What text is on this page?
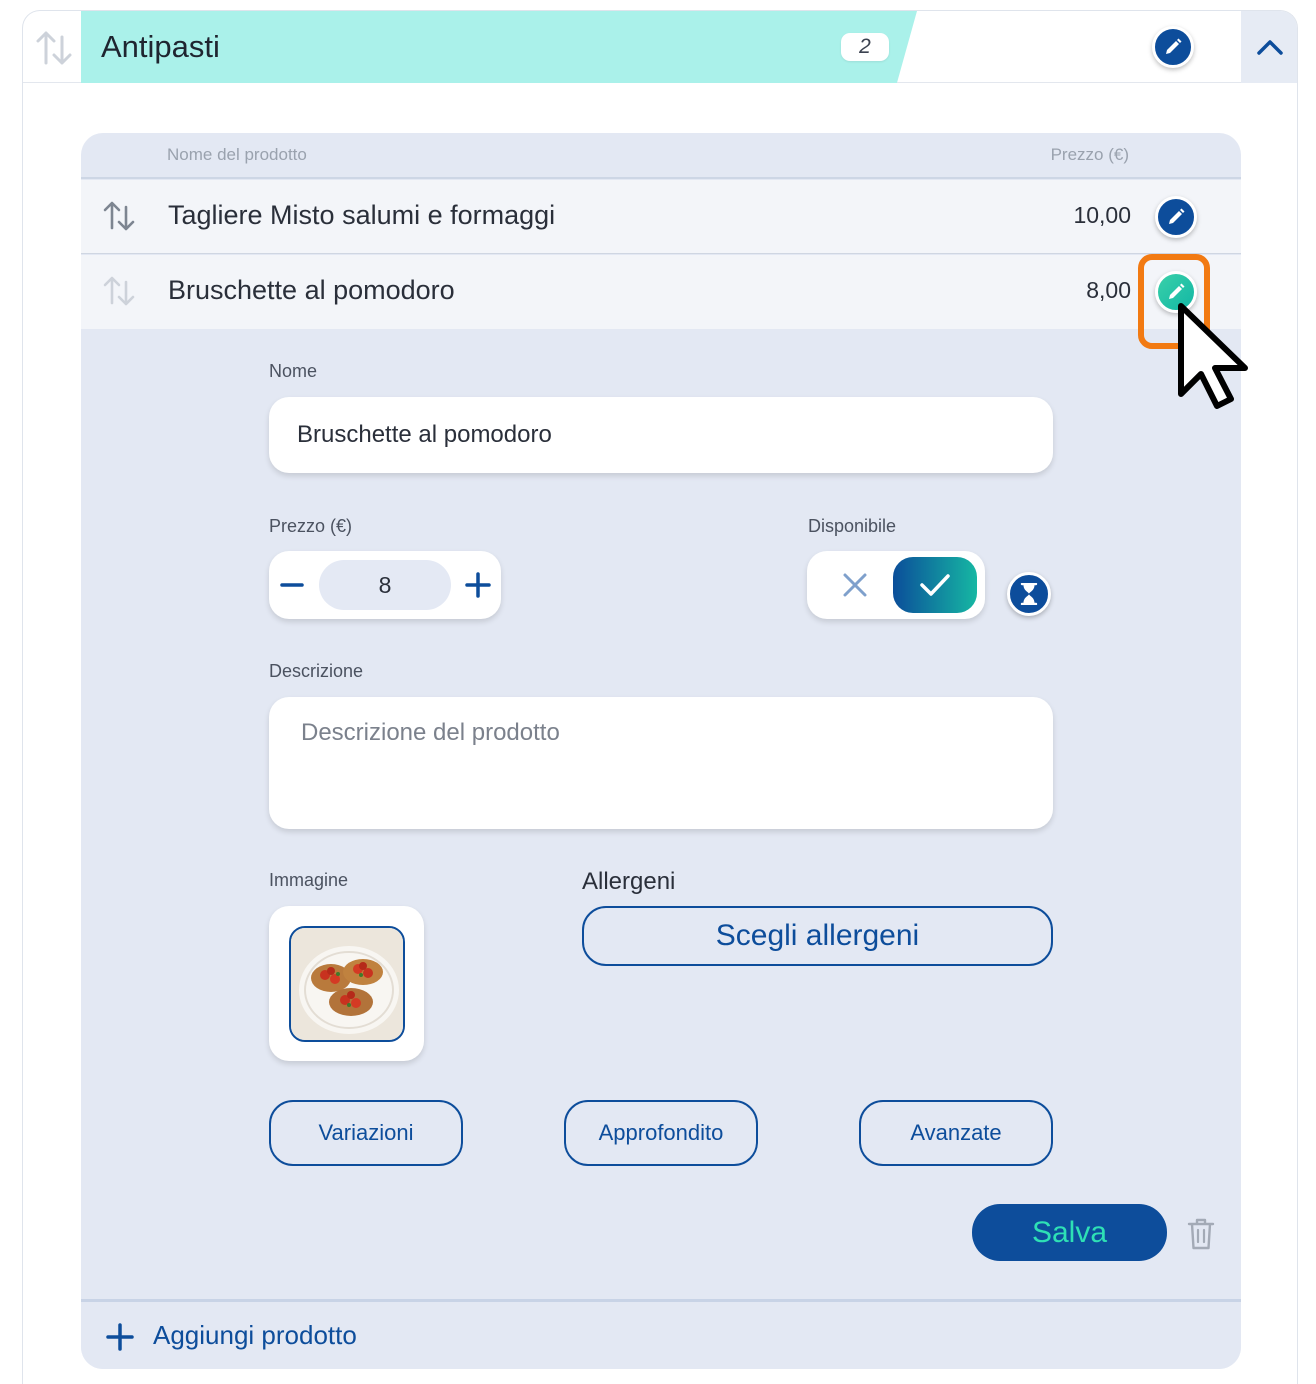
Antipasti	2
Nome del prodotto	Prezzo (€)
Tagliere Misto salumi e formaggi	10,00
Bruschette al pomodoro	8,00
Nome
Bruschette al pomodoro
Prezzo (€)
8
Disponibile
Descrizione
Descrizione del prodotto
Immagine	Allergeni
Scegli allergeni
Variazioni	Approfondito	Avanzate
Salva
Aggiungi prodotto
